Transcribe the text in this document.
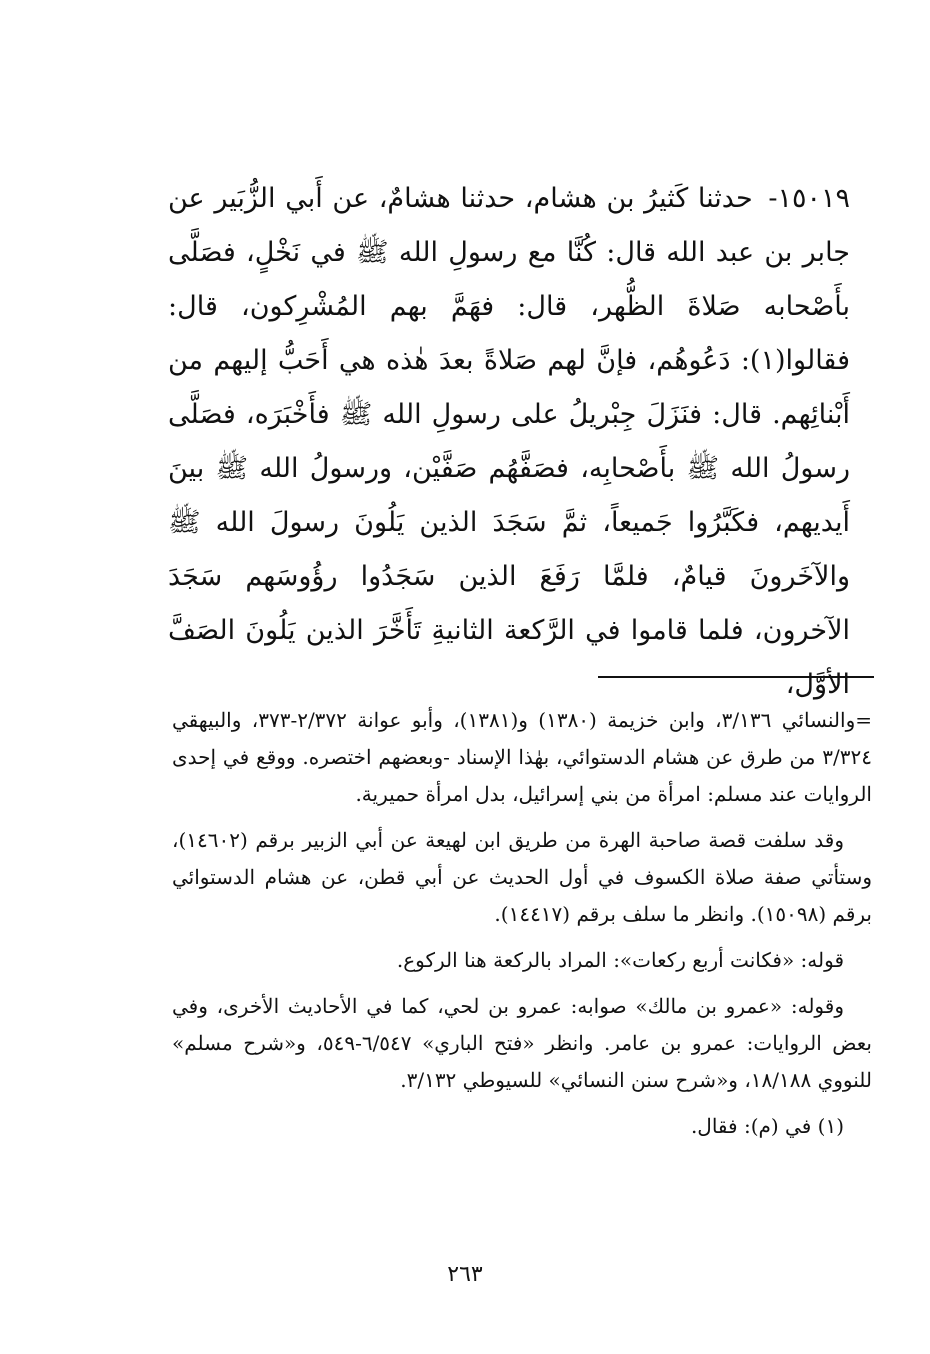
١٥٠١٩- حدثنا كَثيرُ بن هشام، حدثنا هشامٌ، عن أَبي الزُّبَير عن جابر بن عبد الله قال: كُنَّا مع رسولِ الله ﷺ في نَخْلٍ، فصَلَّى بأَصْحابه صَلاةَ الظُّهر، قال: فهَمَّ بهم المُشْرِكون، قال: فقالوا(١): دَعُوهُم، فإنَّ لهم صَلاةً بعدَ هٰذه هي أَحَبُّ إليهم من أَبْنائِهم. قال: فنَزَلَ جِبْريلُ على رسولِ الله ﷺ فأَخْبَرَه، فصَلَّى رسولُ الله ﷺ بأَصْحابِه، فصَفَّهُم صَفَّيْن، ورسولُ الله ﷺ بينَ أَيديهم، فكَبَّرُوا جَميعاً، ثمَّ سَجَدَ الذين يَلُونَ رسولَ الله ﷺ والآخَرونَ قيامٌ، فلمَّا رَفَعَ الذين سَجَدُوا رؤُوسَهم سَجَدَ الآخرون، فلما قاموا في الرَّكعة الثانيةِ تَأَخَّرَ الذين يَلُونَ الصَفَّ الأوَّل،

=والنسائي ٣/١٣٦، وابن خزيمة (١٣٨٠) و(١٣٨١)، وأبو عوانة ٢/٣٧٢-٣٧٣، والبيهقي ٣/٣٢٤ من طرق عن هشام الدستوائي، بهٰذا الإسناد -وبعضهم اختصره. ووقع في إحدى الروايات عند مسلم: امرأة من بني إسرائيل، بدل امرأة حميرية.

وقد سلفت قصة صاحبة الهرة من طريق ابن لهيعة عن أبي الزبير برقم (١٤٦٠٢)، وستأتي صفة صلاة الكسوف في أول الحديث عن أبي قطن، عن هشام الدستوائي برقم (١٥٠٩٨). وانظر ما سلف برقم (١٤٤١٧).

قوله: «فكانت أربع ركعات»: المراد بالركعة هنا الركوع.

وقوله: «عمرو بن مالك» صوابه: عمرو بن لحي، كما في الأحاديث الأخرى، وفي بعض الروايات: عمرو بن عامر. وانظر «فتح الباري» ٦/٥٤٧-٥٤٩، و«شرح مسلم» للنووي ١٨/١٨٨، و«شرح سنن النسائي» للسيوطي ٣/١٣٢.

(١) في (م): فقال.

٢٦٣
